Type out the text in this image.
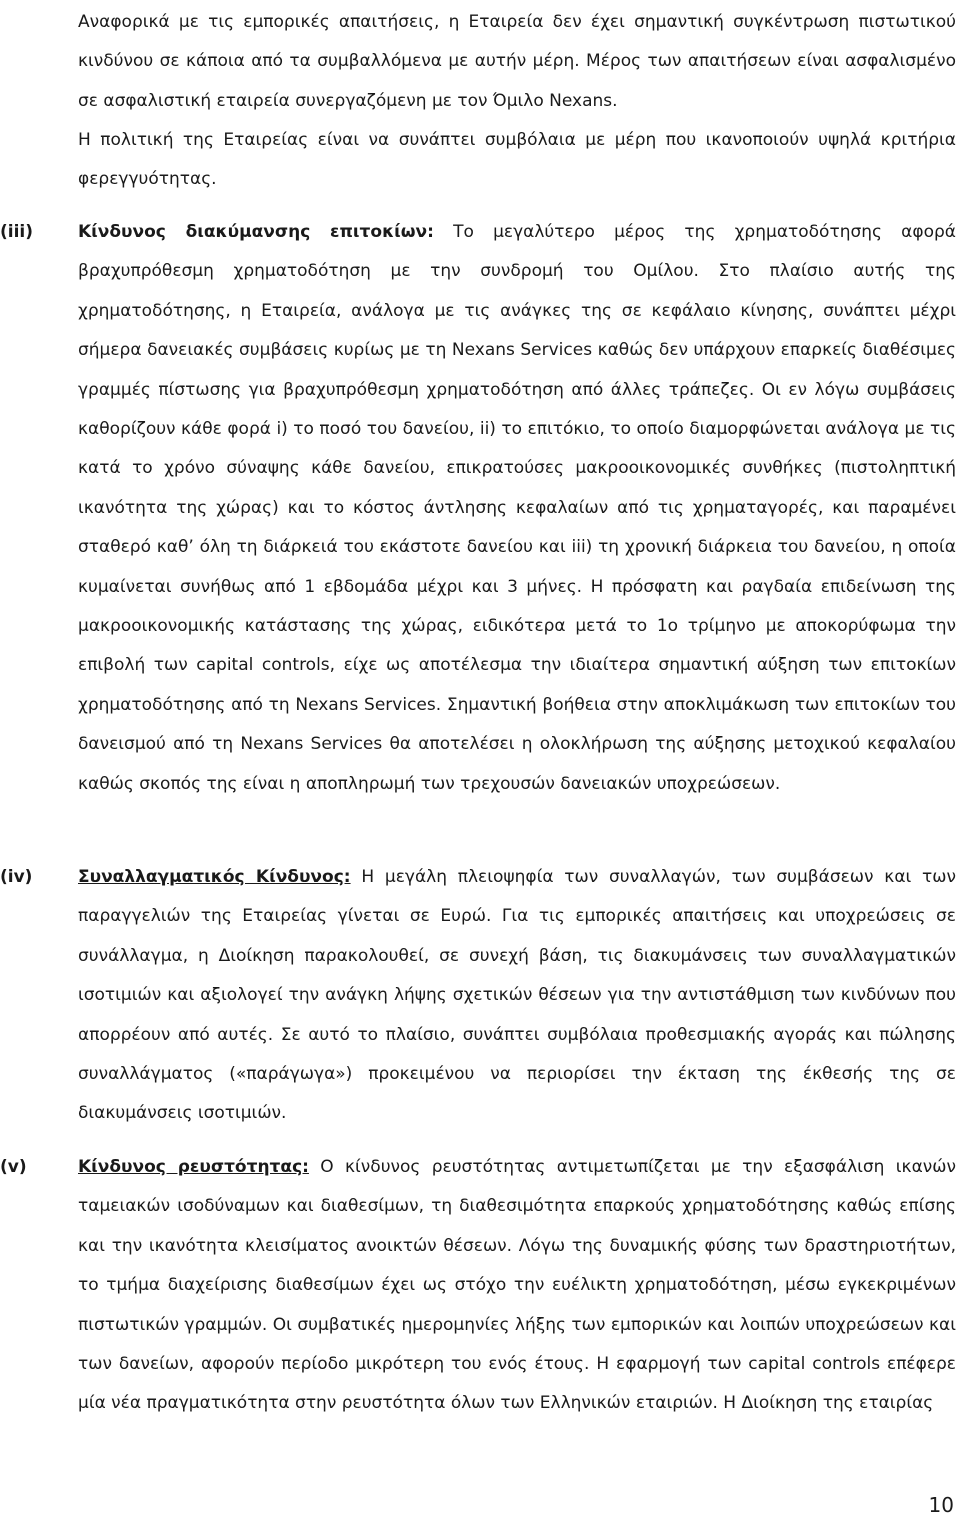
Αναφορικά με τις εμπορικές απαιτήσεις, η Εταιρεία δεν έχει σημαντική συγκέντρωση πιστωτικού κινδύνου σε κάποια από τα συμβαλλόμενα με αυτήν μέρη. Μέρος των απαιτήσεων είναι ασφαλισμένο σε ασφαλιστική εταιρεία συνεργαζόμενη με τον Όμιλο Nexans.

Η πολιτική της Εταιρείας είναι να συνάπτει συμβόλαια με μέρη που ικανοποιούν υψηλά κριτήρια φερεγγυότητας.

(iii)	Κίνδυνος διακύμανσης επιτοκίων: Το μεγαλύτερο μέρος της χρηματοδότησης αφορά βραχυπρόθεσμη χρηματοδότηση με την συνδρομή του Ομίλου. Στο πλαίσιο αυτής της χρηματοδότησης, η Εταιρεία, ανάλογα με τις ανάγκες της σε κεφάλαιο κίνησης, συνάπτει μέχρι σήμερα δανειακές συμβάσεις κυρίως με τη Nexans Services καθώς δεν υπάρχουν επαρκείς διαθέσιμες γραμμές πίστωσης για βραχυπρόθεσμη χρηματοδότηση από άλλες τράπεζες. Οι εν λόγω συμβάσεις καθορίζουν κάθε φορά i) το ποσό του δανείου, ii) το επιτόκιο, το οποίο διαμορφώνεται ανάλογα με τις κατά το χρόνο σύναψης κάθε δανείου, επικρατούσες μακροοικονομικές συνθήκες (πιστοληπτική ικανότητα της χώρας) και το κόστος άντλησης κεφαλαίων από τις χρηματαγορές, και παραμένει σταθερό καθ’ όλη τη διάρκειά του εκάστοτε δανείου και iii) τη χρονική διάρκεια του δανείου, η οποία κυμαίνεται συνήθως από 1 εβδομάδα μέχρι και 3 μήνες. Η πρόσφατη και ραγδαία επιδείνωση της μακροοικονομικής κατάστασης της χώρας, ειδικότερα μετά το 1ο τρίμηνο με αποκορύφωμα την επιβολή των capital controls, είχε ως αποτέλεσμα την ιδιαίτερα σημαντική αύξηση των επιτοκίων χρηματοδότησης από τη Nexans Services. Σημαντική βοήθεια στην αποκλιμάκωση των επιτοκίων του δανεισμού από τη Nexans Services θα αποτελέσει η ολοκλήρωση της αύξησης μετοχικού κεφαλαίου καθώς σκοπός της είναι η αποπληρωμή των τρεχουσών δανειακών υποχρεώσεων.

(iv)	Συναλλαγματικός Κίνδυνος: Η μεγάλη πλειοψηφία των συναλλαγών, των συμβάσεων και των παραγγελιών της Εταιρείας γίνεται σε Ευρώ. Για τις εμπορικές απαιτήσεις και υποχρεώσεις σε συνάλλαγμα, η Διοίκηση παρακολουθεί, σε συνεχή βάση, τις διακυμάνσεις των συναλλαγματικών ισοτιμιών και αξιολογεί την ανάγκη λήψης σχετικών θέσεων για την αντιστάθμιση των κινδύνων που απορρέουν από αυτές. Σε αυτό το πλαίσιο, συνάπτει συμβόλαια προθεσμιακής αγοράς και πώλησης συναλλάγματος («παράγωγα») προκειμένου να περιορίσει την έκταση της έκθεσής της σε διακυμάνσεις ισοτιμιών.

(v)	Κίνδυνος ρευστότητας: Ο κίνδυνος ρευστότητας αντιμετωπίζεται με την εξασφάλιση ικανών ταμειακών ισοδύναμων και διαθεσίμων, τη διαθεσιμότητα επαρκούς χρηματοδότησης καθώς επίσης και την ικανότητα κλεισίματος ανοικτών θέσεων. Λόγω της δυναμικής φύσης των δραστηριοτήτων, το τμήμα διαχείρισης διαθεσίμων έχει ως στόχο την ευέλικτη χρηματοδότηση, μέσω εγκεκριμένων πιστωτικών γραμμών. Οι συμβατικές ημερομηνίες λήξης των εμπορικών και λοιπών υποχρεώσεων και των δανείων, αφορούν περίοδο μικρότερη του ενός έτους. Η εφαρμογή των capital controls επέφερε μία νέα πραγματικότητα στην ρευστότητα όλων των Ελληνικών εταιριών. Η Διοίκηση της εταιρίας

10
